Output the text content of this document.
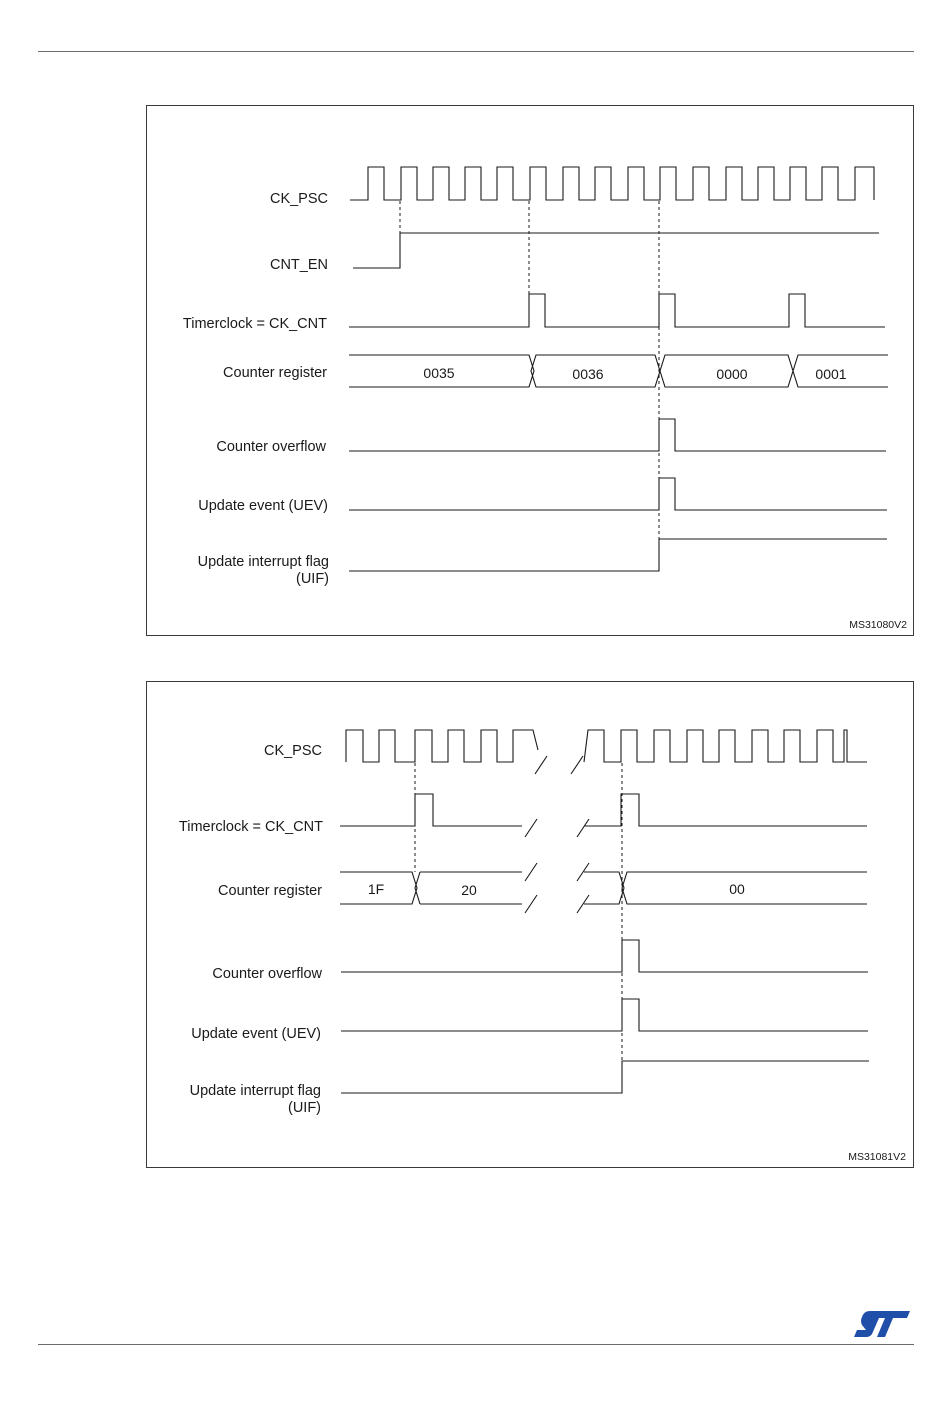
CK_PSC
CNT_EN
Timerclock = CK_CNT
Counter register
Counter overflow
Update event (UEV)
Update interrupt flag
(UIF)
0035	0036	0000	0001
MS31080V2
CK_PSC
Timerclock = CK_CNT
Counter register
Counter overflow
Update event (UEV)
Update interrupt flag
(UIF)
1F	20	00
MS31081V2
